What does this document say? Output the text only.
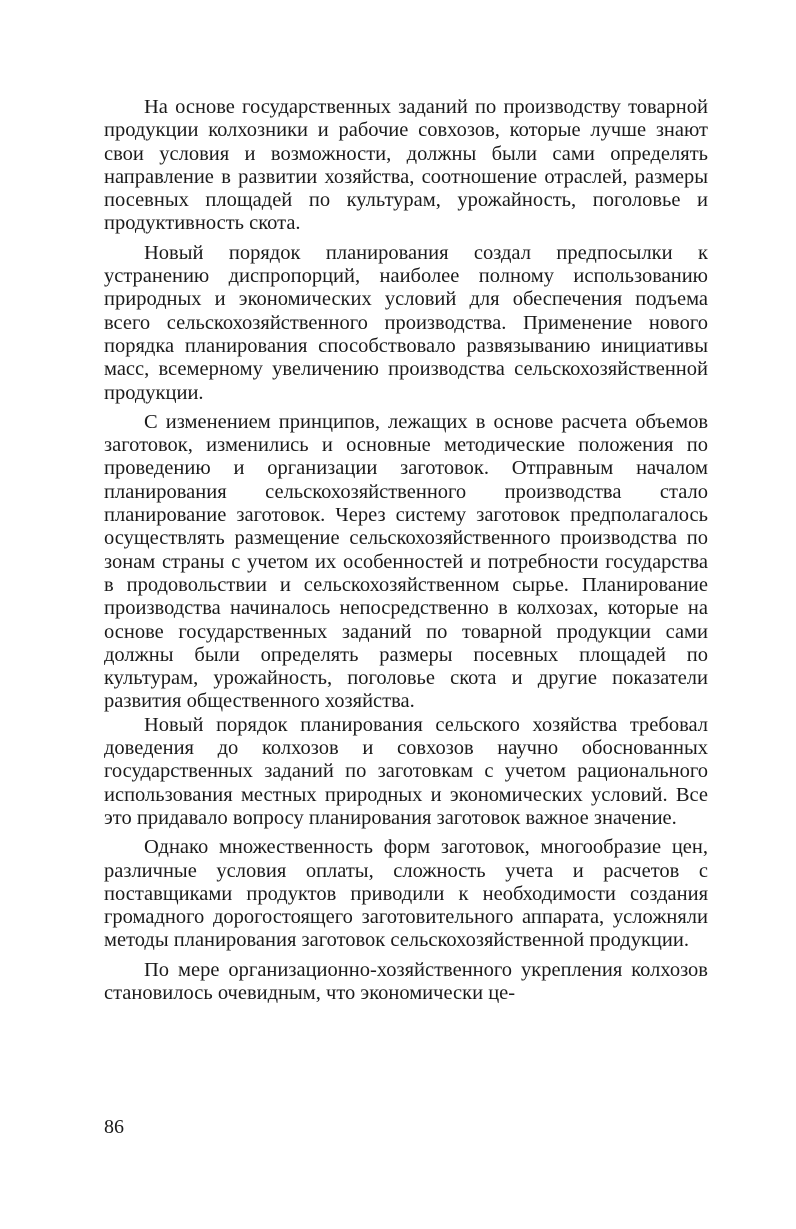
На основе государственных заданий по производству товарной продукции колхозники и рабочие совхозов, которые лучше знают свои условия и возможности, должны были сами определять направление в развитии хозяйства, соотношение отраслей, размеры посевных площадей по культурам, урожайность, поголовье и продуктивность скота.

Новый порядок планирования создал предпосылки к устранению диспропорций, наиболее полному использованию природных и экономических условий для обеспечения подъема всего сельскохозяйственного производства. Применение нового порядка планирования способствовало развязыванию инициативы масс, всемерному увеличению производства сельскохозяйственной продукции.

С изменением принципов, лежащих в основе расчета объемов заготовок, изменились и основные методические положения по проведению и организации заготовок. Отправным началом планирования сельскохозяйственного производства стало планирование заготовок. Через систему заготовок предполагалось осуществлять размещение сельскохозяйственного производства по зонам страны с учетом их особенностей и потребности государства в продовольствии и сельскохозяйственном сырье. Планирование производства начиналось непосредственно в колхозах, которые на основе государственных заданий по товарной продукции сами должны были определять размеры посевных площадей по культурам, урожайность, поголовье скота и другие показатели развития общественного хозяйства.

Новый порядок планирования сельского хозяйства требовал доведения до колхозов и совхозов научно обоснованных государственных заданий по заготовкам с учетом рационального использования местных природных и экономических условий. Все это придавало вопросу планирования заготовок важное значение.

Однако множественность форм заготовок, многообразие цен, различные условия оплаты, сложность учета и расчетов с поставщиками продуктов приводили к необходимости создания громадного дорогостоящего заготовительного аппарата, усложняли методы планирования заготовок сельскохозяйственной продукции.

По мере организационно-хозяйственного укрепления колхозов становилось очевидным, что экономически це-

86
